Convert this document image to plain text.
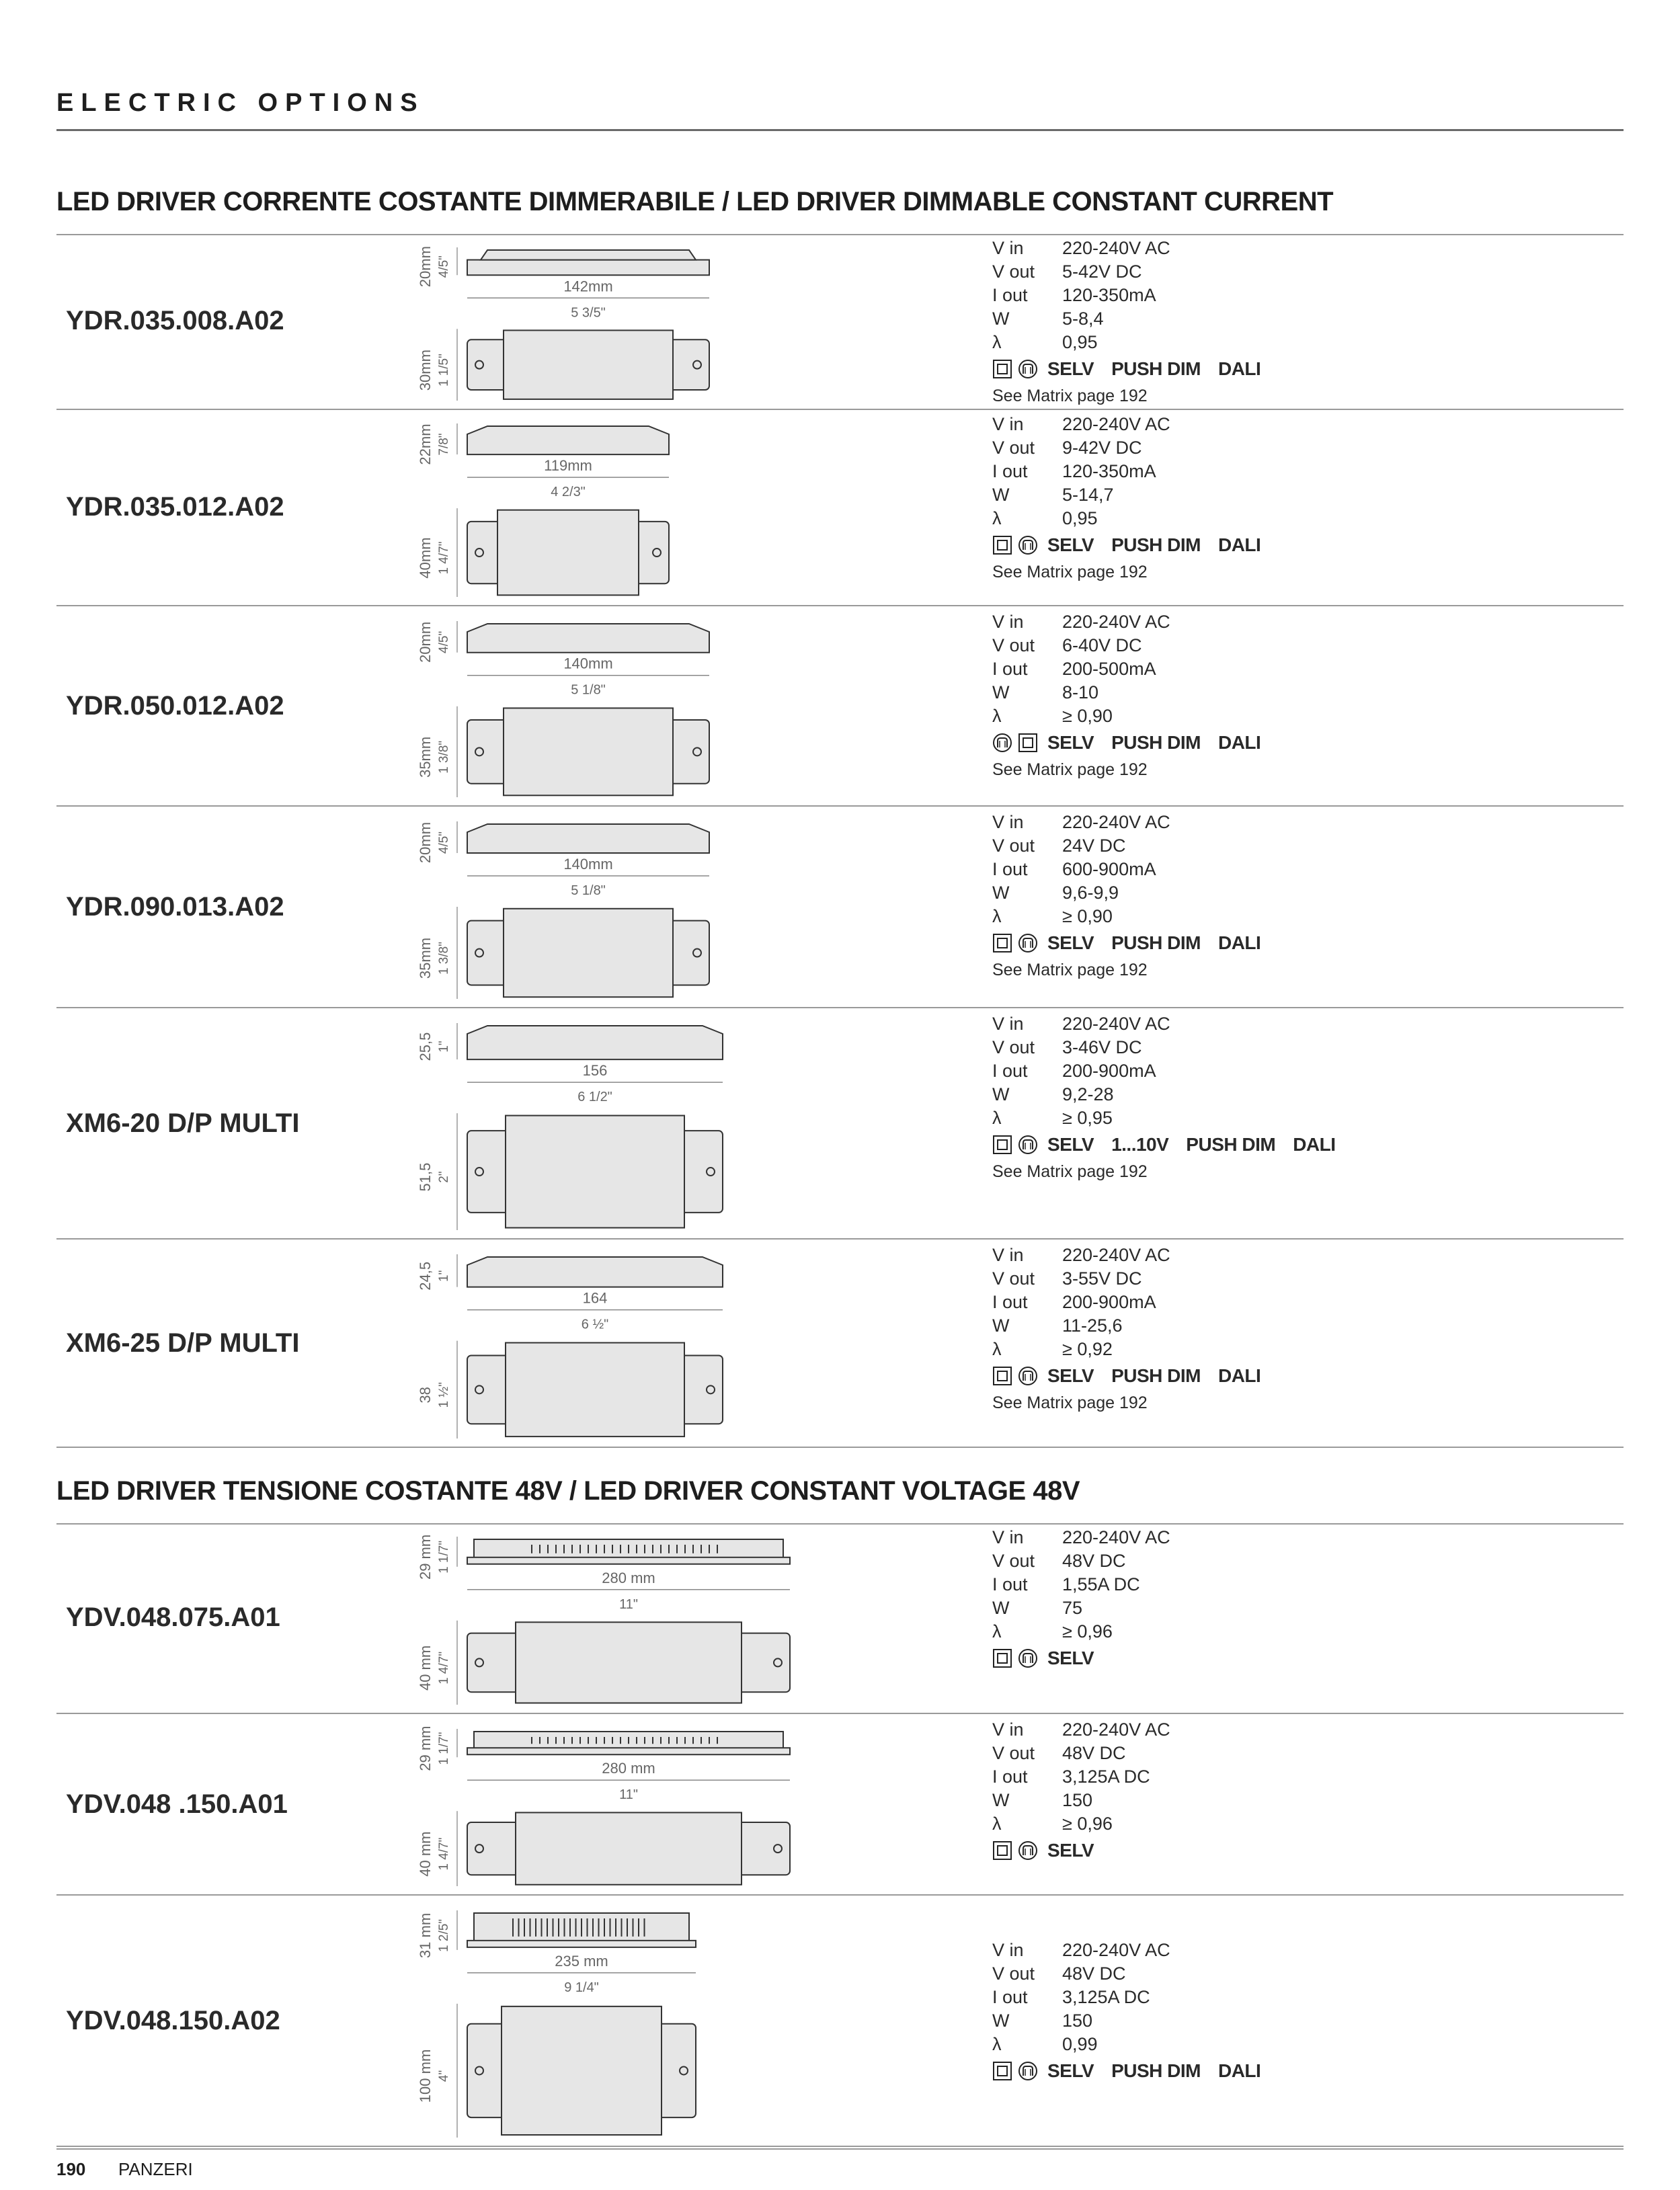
ELECTRIC OPTIONS
LED DRIVER CORRENTE COSTANTE DIMMERABILE / LED DRIVER DIMMABLE CONSTANT CURRENT
YDR.035.008.A02
20mm 4/5"
142mm
5 3/5"
30mm 1 1/5"
V in	220-240V AC
V out	5-42V DC
I out	120-350mA
W	5-8,4
λ	0,95
SELV PUSH DIM DALI
See Matrix page 192
YDR.035.012.A02
22mm 7/8"
119mm
4 2/3"
40mm 1 4/7"
V in	220-240V AC
V out	9-42V DC
I out	120-350mA
W	5-14,7
λ	0,95
SELV PUSH DIM DALI
See Matrix page 192
YDR.050.012.A02
20mm 4/5"
140mm
5 1/8"
35mm 1 3/8"
V in	220-240V AC
V out	6-40V DC
I out	200-500mA
W	8-10
λ	≥ 0,90
SELV PUSH DIM DALI
See Matrix page 192
YDR.090.013.A02
20mm 4/5"
140mm
5 1/8"
35mm 1 3/8"
V in	220-240V AC
V out	24V DC
I out	600-900mA
W	9,6-9,9
λ	≥ 0,90
SELV PUSH DIM DALI
See Matrix page 192
XM6-20 D/P MULTI
25,5 1"
156
6 1/2"
51,5 2"
V in	220-240V AC
V out	3-46V DC
I out	200-900mA
W	9,2-28
λ	≥ 0,95
SELV 1...10V PUSH DIM DALI
See Matrix page 192
XM6-25 D/P MULTI
24,5 1"
164
6 ½"
38 1 ½"
V in	220-240V AC
V out	3-55V DC
I out	200-900mA
W	11-25,6
λ	≥ 0,92
SELV PUSH DIM DALI
See Matrix page 192
LED DRIVER TENSIONE COSTANTE 48V / LED DRIVER CONSTANT VOLTAGE 48V
YDV.048.075.A01
29 mm 1 1/7"
280 mm
11"
40 mm 1 4/7"
V in	220-240V AC
V out	48V DC
I out	1,55A DC
W	75
λ	≥ 0,96
SELV
YDV.048 .150.A01
29 mm 1 1/7"
280 mm
11"
40 mm 1 4/7"
V in	220-240V AC
V out	48V DC
I out	3,125A DC
W	150
λ	≥ 0,96
SELV
YDV.048.150.A02
31 mm 1 2/5"
235 mm
9 1/4"
100 mm 4"
V in	220-240V AC
V out	48V DC
I out	3,125A DC
W	150
λ	0,99
SELV PUSH DIM DALI
190 PANZERI
